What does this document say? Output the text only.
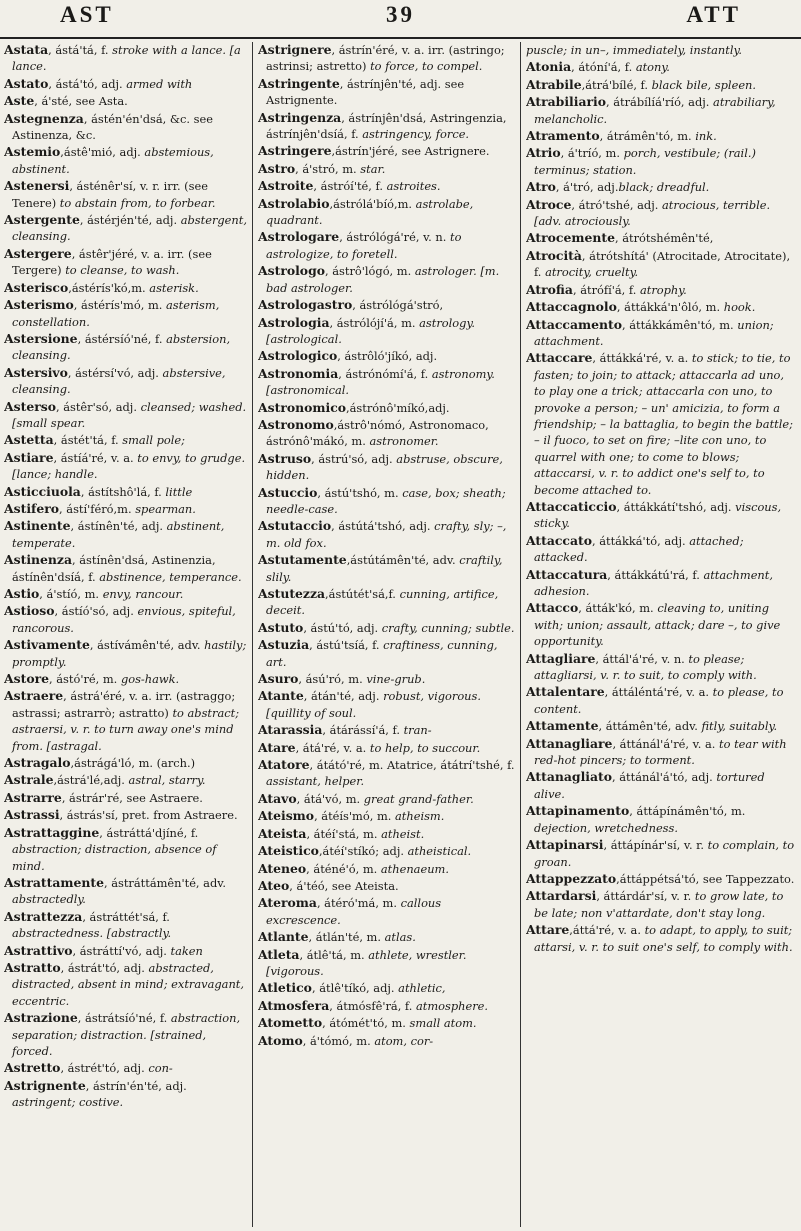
AST	39	ATT
Astata, ástá'tá, f. stroke with a lance. [a lance.
Astato, ástá'tó, adj. armed with
Aste, á'sté, see Asta.
Astegnenza, ástén'én'dsá, &c. see Astinenza, &c.
Astemio,ástê'mió, adj. abstemious, abstinent.
Astenersi, ásténêr'sí, v. r. irr. (see Tenere) to abstain from, to forbear.
Astergente, ástérjén'té, adj. abstergent, cleansing.
Astergere, ástêr'jéré, v. a. irr. (see Tergere) to cleanse, to wash.
Asterisco,ástérís'kó,m. asterisk.
Asterismo, ástérís'mó, m. asterism, constellation.
Astersione, ástérsíó'né, f. abstersion, cleansing.
Astersivo, ástérsí'vó, adj. abstersive, cleansing.
Asterso, ástêr'só, adj. cleansed; washed. [small spear.
Astetta, ástét'tá, f. small pole;
Astiare, ástíá'ré, v. a. to envy, to grudge. [lance; handle.
Asticciuola, ástítshô'lá, f. little
Astifero, ástí'féró,m. spearman.
Astinente, ástínên'té, adj. abstinent, temperate.
Astinenza, ástínên'dsá, Astinenzia, ástínên'dsíá, f. abstinence, temperance.
Astio, á'stíó, m. envy, rancour.
Astioso, ástíó'só, adj. envious, spiteful, rancorous.
Astivamente, ástívámên'té, adv. hastily; promptly.
Astore, ástó'ré, m. gos-hawk.
Astraere, ástrá'éré, v. a. irr. (astraggo; astrassi; astrarrò; astratto) to abstract; astraersi, v. r. to turn away one's mind from. [astragal.
Astragalo,ástrágá'ló, m. (arch.)
Astrale,ástrá'lé,adj. astral, starry.
Astrarre, ástrár'ré, see Astraere.
Astrassi, ástrás'sí, pret. from Astraere.
Astrattaggine, ástráttá'djíné, f. abstraction; distraction, absence of mind.
Astrattamente, ástráttámên'té, adv. abstractedly.
Astrattezza, ástráttét'sá, f. abstractedness. [abstractly.
Astrattivo, ástráttí'vó, adj. taken
Astratto, ástrát'tó, adj. abstracted, distracted, absent in mind; extravagant, eccentric.
Astrazione, ástrátsíó'né, f. abstraction, separation; distraction. [strained, forced.
Astretto, ástrét'tó, adj. con-
Astrignente, ástrín'én'té, adj. astringent; costive.
Astrignere, ástrín'éré, v. a. irr. (astringo; astrinsi; astretto) to force, to compel.
Astringente, ástrínjên'té, adj. see Astrignente.
Astringenza, ástrínjên'dsá, Astringenzia, ástrínjên'dsíá, f. astringency, force.
Astringere,ástrín'jéré, see Astrignere.
Astro, á'stró, m. star.
Astroite, ástróí'té, f. astroites.
Astrolabio,ástrólá'bíó,m. astrolabe, quadrant.
Astrologare, ástrólógá'ré, v. n. to astrologize, to foretell.
Astrologo, ástrô'lógó, m. astrologer. [m. bad astrologer.
Astrologastro, ástrólógá'stró,
Astrologia, ástrólójí'á, m. astrology. [astrological.
Astrologico, ástrôló'jíkó, adj.
Astronomia, ástrónómí'á, f. astronomy. [astronomical.
Astronomico,ástrónô'míkó,adj.
Astronomo,ástrô'nómó, Astronomaco, ástrónô'mákó, m. astronomer.
Astruso, ástrú'só, adj. abstruse, obscure, hidden.
Astuccio, ástú'tshó, m. case, box; sheath; needle-case.
Astutaccio, ástútá'tshó, adj. crafty, sly; –, m. old fox.
Astutamente,ástútámên'té, adv. craftily, slily.
Astutezza,ástútét'sá,f. cunning, artifice, deceit.
Astuto, ástú'tó, adj. crafty, cunning; subtle.
Astuzia, ástú'tsíá, f. craftiness, cunning, art.
Asuro, ású'ró, m. vine-grub.
Atante, átán'té, adj. robust, vigorous. [quillity of soul.
Atarassia, átárássí'á, f. tran-
Atare, átá'ré, v. a. to help, to succour.
Atatore, átátó'ré, m. Atatrice, átátrí'tshé, f. assistant, helper.
Atavo, átá'vó, m. great grand-father.
Ateismo, átéís'mó, m. atheism.
Ateista, átéí'stá, m. atheist.
Ateistico,átéí'stíkó; adj. atheistical.
Ateneo, áténé'ó, m. athenaeum.
Ateo, á'téó, see Ateista.
Ateroma, átéró'má, m. callous excrescence.
Atlante, átlán'té, m. atlas.
Atleta, átlê'tá, m. athlete, wrestler. [vigorous.
Atletico, átlê'tíkó, adj. athletic,
Atmosfera, átmósfê'rá, f. atmosphere.
Atometto, átómét'tó, m. small atom.
Atomo, á'tómó, m. atom, cor-
puscle; in un–, immediately, instantly.
Atonia, átóní'á, f. atony.
Atrabile,átrá'bílé, f. black bile, spleen.
Atrabiliario, átrábílíá'ríó, adj. atrabiliary, melancholic.
Atramento, átrámên'tó, m. ink.
Atrio, á'tríó, m. porch, vestibule; (rail.) terminus; station.
Atro, á'tró, adj.black; dreadful.
Atroce, átró'tshé, adj. atrocious, terrible. [adv. atrociously.
Atrocemente, átrótshémên'té,
Atrocità, átrótshítá' (Atrocitade, Atrocitate), f. atrocity, cruelty.
Atrofia, átrófí'á, f. atrophy.
Attaccagnolo, áttákká'n'ôló, m. hook.
Attaccamento, áttákkámên'tó, m. union; attachment.
Attaccare, áttákká'ré, v. a. to stick; to tie, to fasten; to join; to attack; attaccarla ad uno, to play one a trick; attaccarla con uno, to provoke a person; – un' amicizia, to form a friendship; – la battaglia, to begin the battle; – il fuoco, to set on fire; –lite con uno, to quarrel with one; to come to blows; attaccarsi, v. r. to addict one's self to, to become attached to.
Attaccaticcio, áttákkátí'tshó, adj. viscous, sticky.
Attaccato, áttákká'tó, adj. attached; attacked.
Attaccatura, áttákkátú'rá, f. attachment, adhesion.
Attacco, átták'kó, m. cleaving to, uniting with; union; assault, attack; dare –, to give opportunity.
Attagliare, áttál'á'ré, v. n. to please; attagliarsi, v. r. to suit, to comply with.
Attalentare, áttáléntá'ré, v. a. to please, to content.
Attamente, áttámên'té, adv. fitly, suitably.
Attanagliare, áttánál'á'ré, v. a. to tear with red-hot pincers; to torment.
Attanagliato, áttánál'á'tó, adj. tortured alive.
Attapinamento, áttápínámên'tó, m. dejection, wretchedness.
Attapinarsi, áttápínár'sí, v. r. to complain, to groan.
Attappezzato,áttáppétsá'tó, see Tappezzato.
Attardarsi, áttárdár'sí, v. r. to grow late, to be late; non v'attardate, don't stay long.
Attare,áttá'ré, v. a. to adapt, to apply, to suit; attarsi, v. r. to suit one's self, to comply with.
